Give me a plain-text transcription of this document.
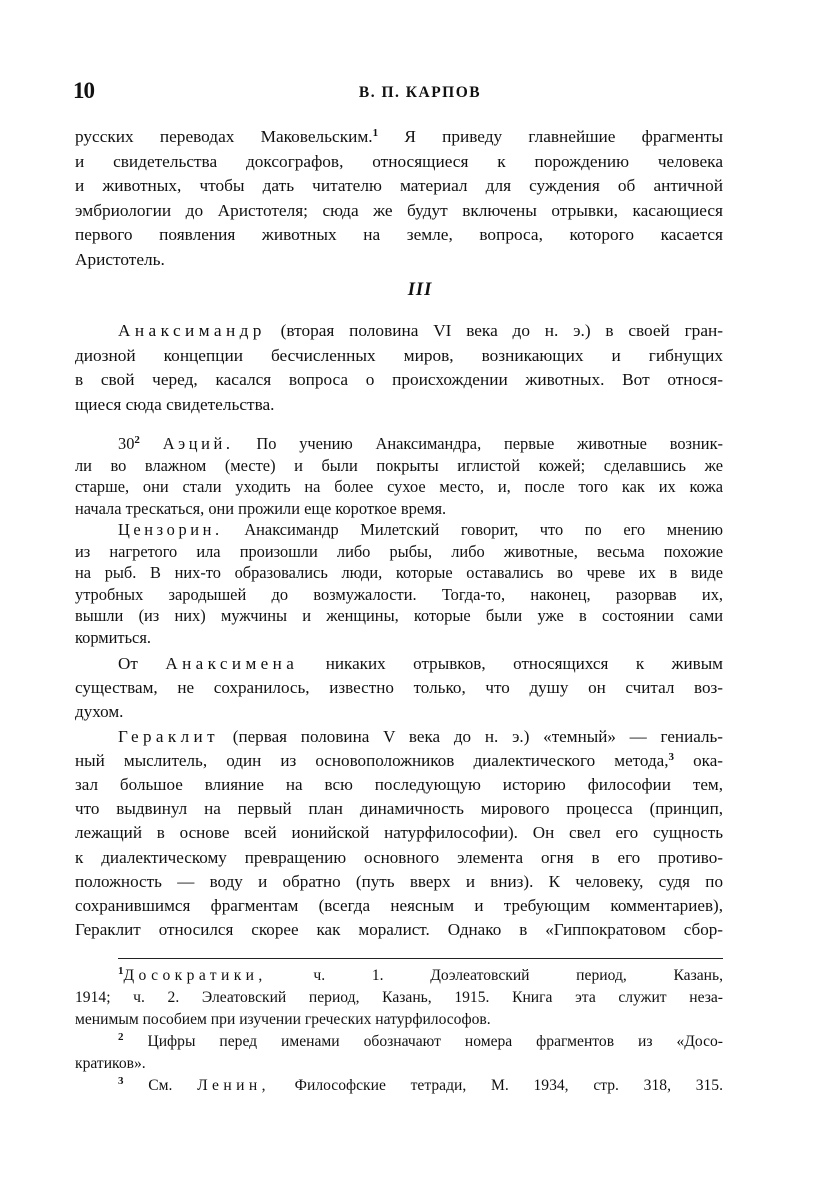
10	В. П. КАРПОВ
русских переводах Маковельским.$^1$ Я приведу главнейшие фрагменты
и свидетельства доксографов, относящиеся к порождению человека
и животных, чтобы дать читателю материал для суждения об античной
эмбриологии до Аристотеля; сюда же будут включены отрывки, касающиеся
первого появления животных на земле, вопроса, которого касается
Аристотель.
III
Анаксимандр (вторая половина VI века до н. э.) в своей гран-
диозной концепции бесчисленных миров, возникающих и гибнущих
в свой черед, касался вопроса о происхождении животных. Вот относя-
щиеся сюда свидетельства.
$30^2$ Аэций. По учению Анаксимандра, первые животные возник-
ли во влажном (месте) и были покрыты иглистой кожей; сделавшись же
старше, они стали уходить на более сухое место, и, после того как их кожа
начала трескаться, они прожили еще короткое время.
Цензорин. Анаксимандр Милетский говорит, что по его мнению
из нагретого ила произошли либо рыбы, либо животные, весьма похожие
на рыб. В них-то образовались люди, которые оставались во чреве их в виде
утробных зародышей до возмужалости. Тогда-то, наконец, разорвав их,
вышли (из них) мужчины и женщины, которые были уже в состоянии сами
кормиться.
От Анаксимена никаких отрывков, относящихся к живым
существам, не сохранилось, известно только, что душу он считал воз-
духом.
Гераклит (первая половина V века до н. э.) «темный» — гениаль-
ный мыслитель, один из основоположников диалектического метода,$^3$ ока-
зал большое влияние на всю последующую историю философии тем,
что выдвинул на первый план динамичность мирового процесса (принцип,
лежащий в основе всей ионийской натурфилософии). Он свел его сущность
к диалектическому превращению основного элемента огня в его противо-
положность — воду и обратно (путь вверх и вниз). К человеку, судя по
сохранившимся фрагментам (всегда неясным и требующим комментариев),
Гераклит относился скорее как моралист. Однако в «Гиппократовом сбор-
$^1$Досократики,	ч. 1. Доэлеатовский период, Казань,
1914; ч. 2. Элеатовский период, Казань, 1915. Книга эта служит неза-
менимым пособием при изучении греческих натурфилософов.
$^2$ Цифры перед именами обозначают номера фрагментов из «Досо-
кратиков».
$^3$ См. Ленин, Философские тетради, М. 1934, стр. 318, 315.
